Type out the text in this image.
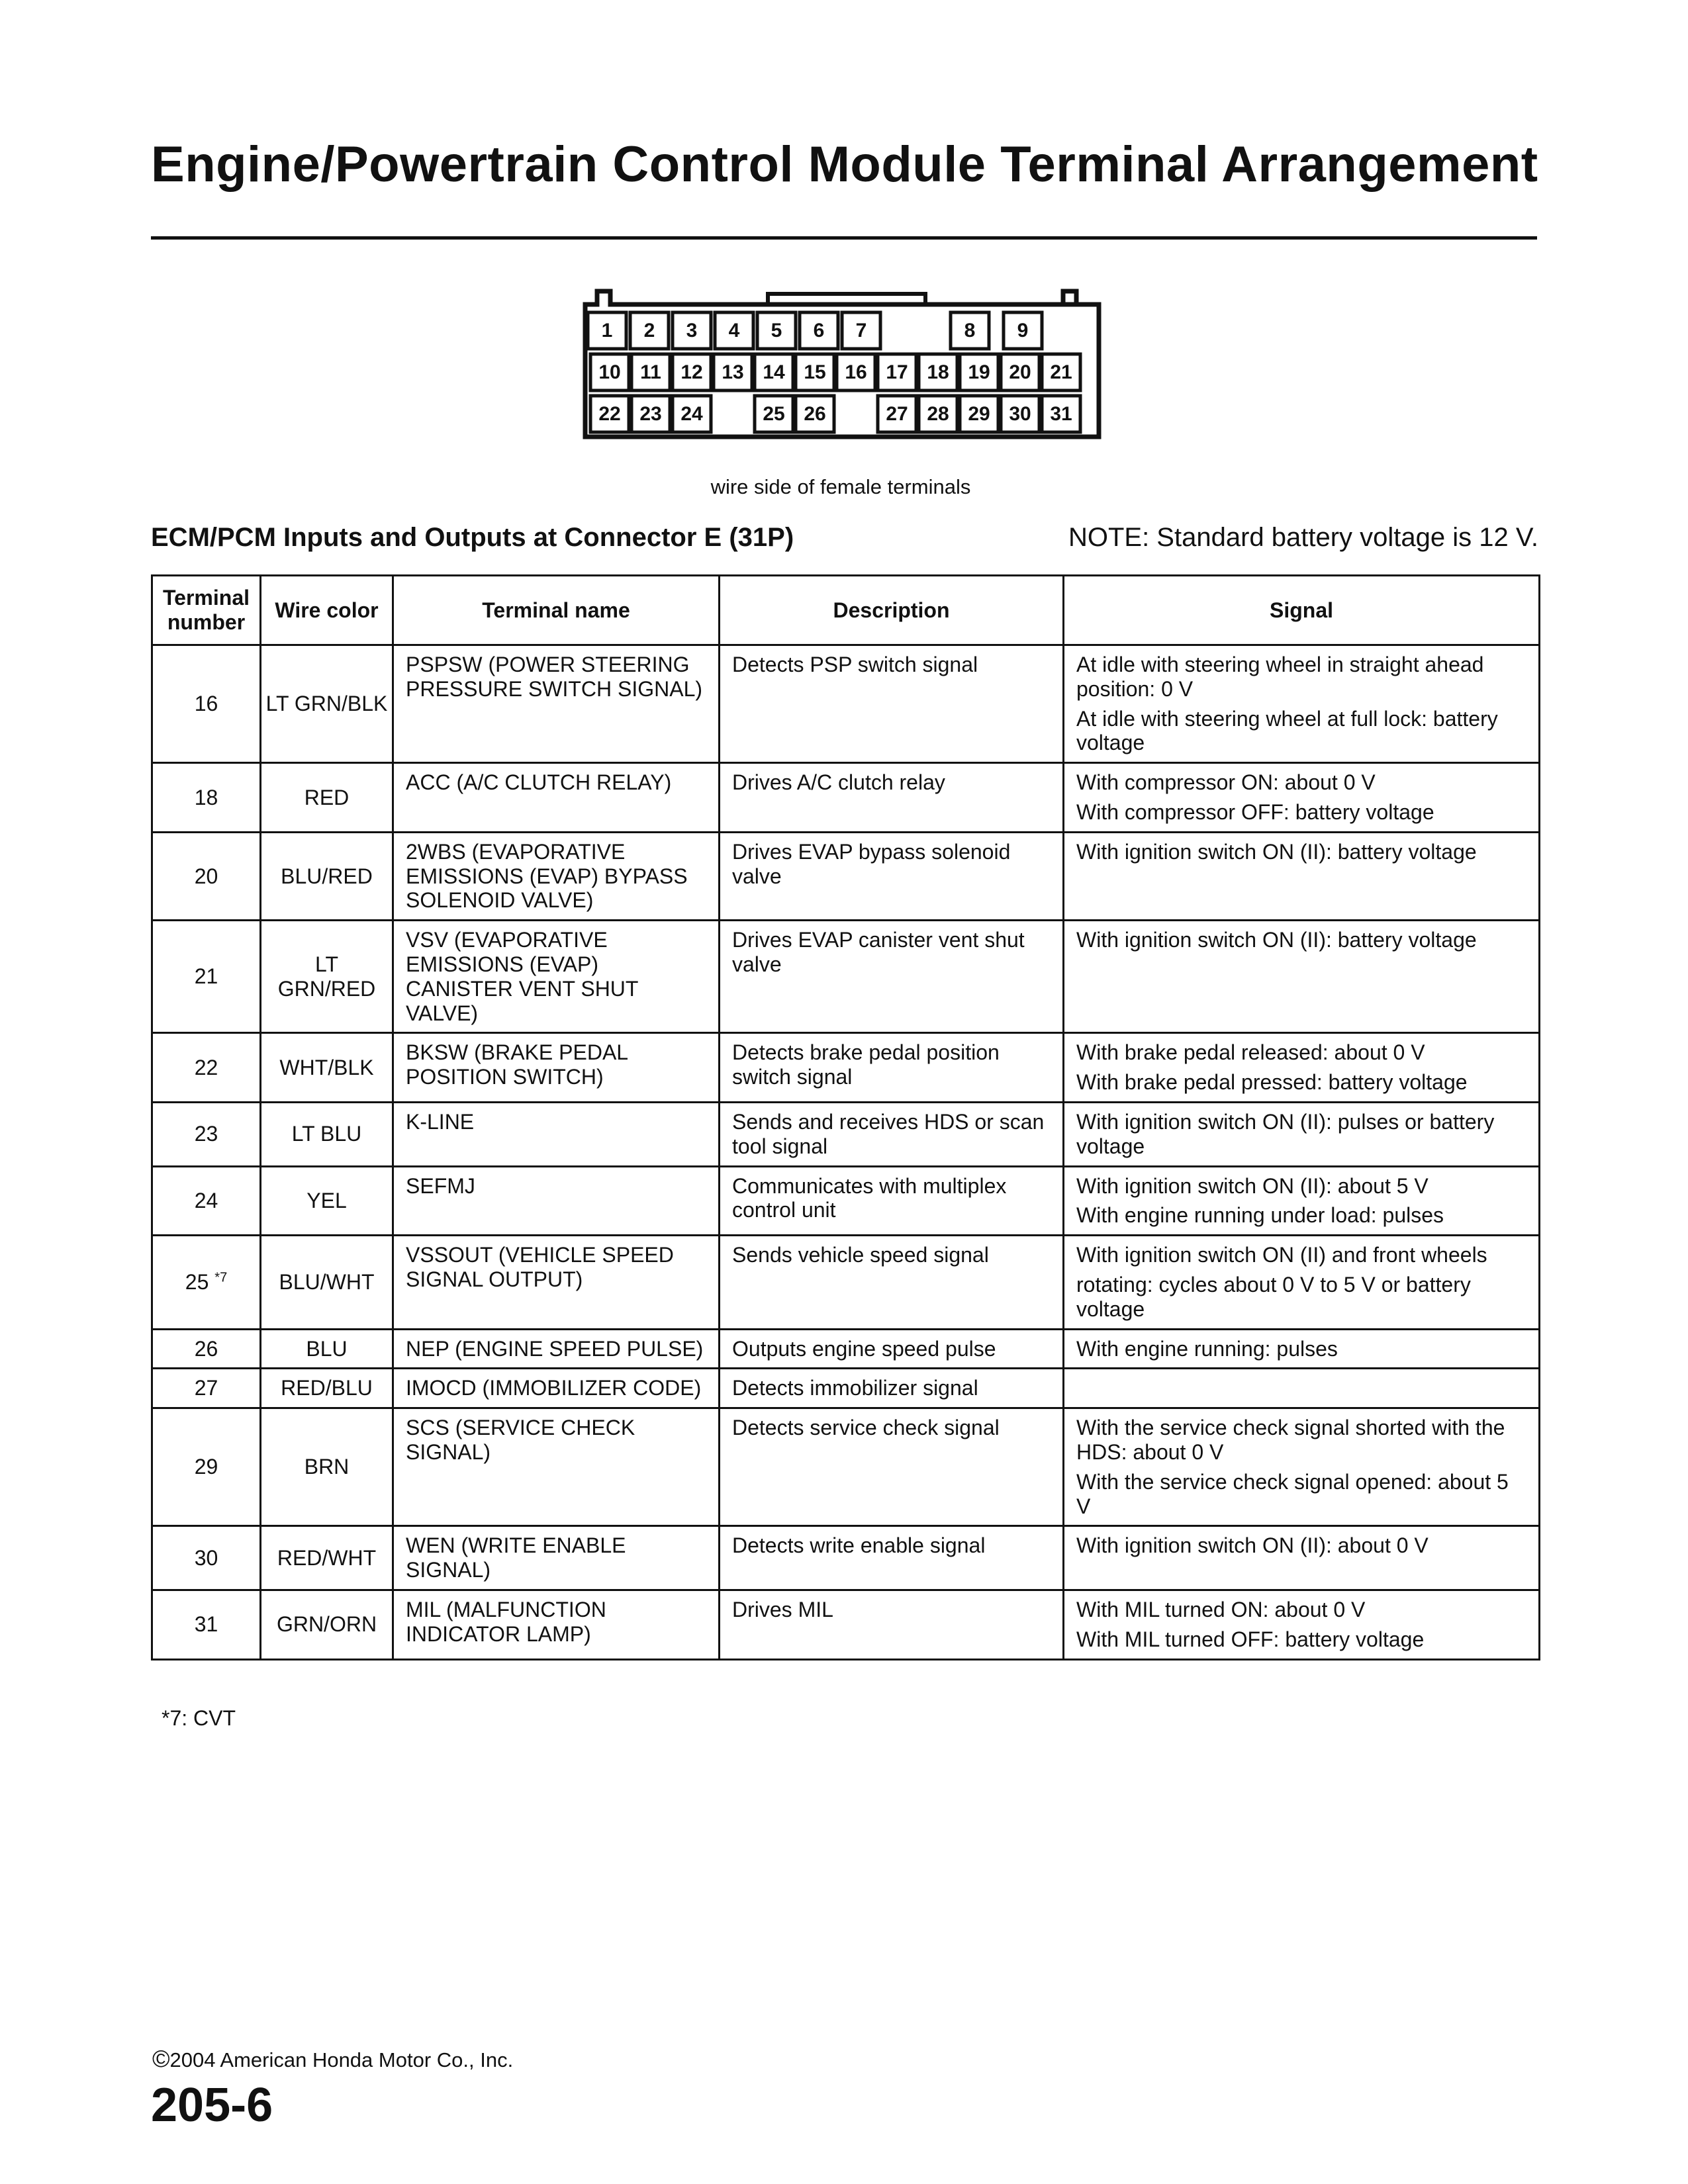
Engine/Powertrain Control Module Terminal Arrangement
1 2 3 4 5 6 7	8 9
10 11 12 13 14 15 16 17 18 19 20 21
22 23 24	25 26	27 28 29 30 31
wire side of female terminals
ECM/PCM Inputs and Outputs at Connector E (31P)	NOTE: Standard battery voltage is 12 V.
Terminal number	Wire color	Terminal name	Description	Signal
16	LT GRN/BLK	PSPSW (POWER STEERING PRESSURE SWITCH SIGNAL)	Detects PSP switch signal	At idle with steering wheel in straight ahead position: 0 V
At idle with steering wheel at full lock: battery voltage

18	RED	ACC (A/C CLUTCH RELAY)	Drives A/C clutch relay	With compressor ON: about 0 V
With compressor OFF: battery voltage

20	BLU/RED	2WBS (EVAPORATIVE EMISSIONS (EVAP) BYPASS SOLENOID VALVE)	Drives EVAP bypass solenoid valve	With ignition switch ON (II): battery voltage

21	LT GRN/RED	VSV (EVAPORATIVE EMISSIONS (EVAP) CANISTER VENT SHUT VALVE)	Drives EVAP canister vent shut valve	With ignition switch ON (II): battery voltage

22	WHT/BLK	BKSW (BRAKE PEDAL POSITION SWITCH)	Detects brake pedal position switch signal	With brake pedal released: about 0 V
With brake pedal pressed: battery voltage

23	LT BLU	K-LINE	Sends and receives HDS or scan tool signal	With ignition switch ON (II): pulses or battery voltage

24	YEL	SEFMJ	Communicates with multiplex control unit	With ignition switch ON (II): about 5 V
With engine running under load: pulses

25 $^{*7}$	BLU/WHT	VSSOUT (VEHICLE SPEED SIGNAL OUTPUT)	Sends vehicle speed signal	With ignition switch ON (II) and front wheels
rotating: cycles about 0 V to 5 V or battery voltage

26	BLU	NEP (ENGINE SPEED PULSE)	Outputs engine speed pulse	With engine running: pulses

27	RED/BLU	IMOCD (IMMOBILIZER CODE)	Detects immobilizer signal	
29	BRN	SCS (SERVICE CHECK SIGNAL)	Detects service check signal	With the service check signal shorted with the HDS: about 0 V
With the service check signal opened: about 5 V

30	RED/WHT	WEN (WRITE ENABLE SIGNAL)	Detects write enable signal	With ignition switch ON (II): about 0 V

31	GRN/ORN	MIL (MALFUNCTION INDICATOR LAMP)	Drives MIL	With MIL turned ON: about 0 V
With MIL turned OFF: battery voltage
*7: CVT
©2004 American Honda Motor Co., Inc.
205-6
